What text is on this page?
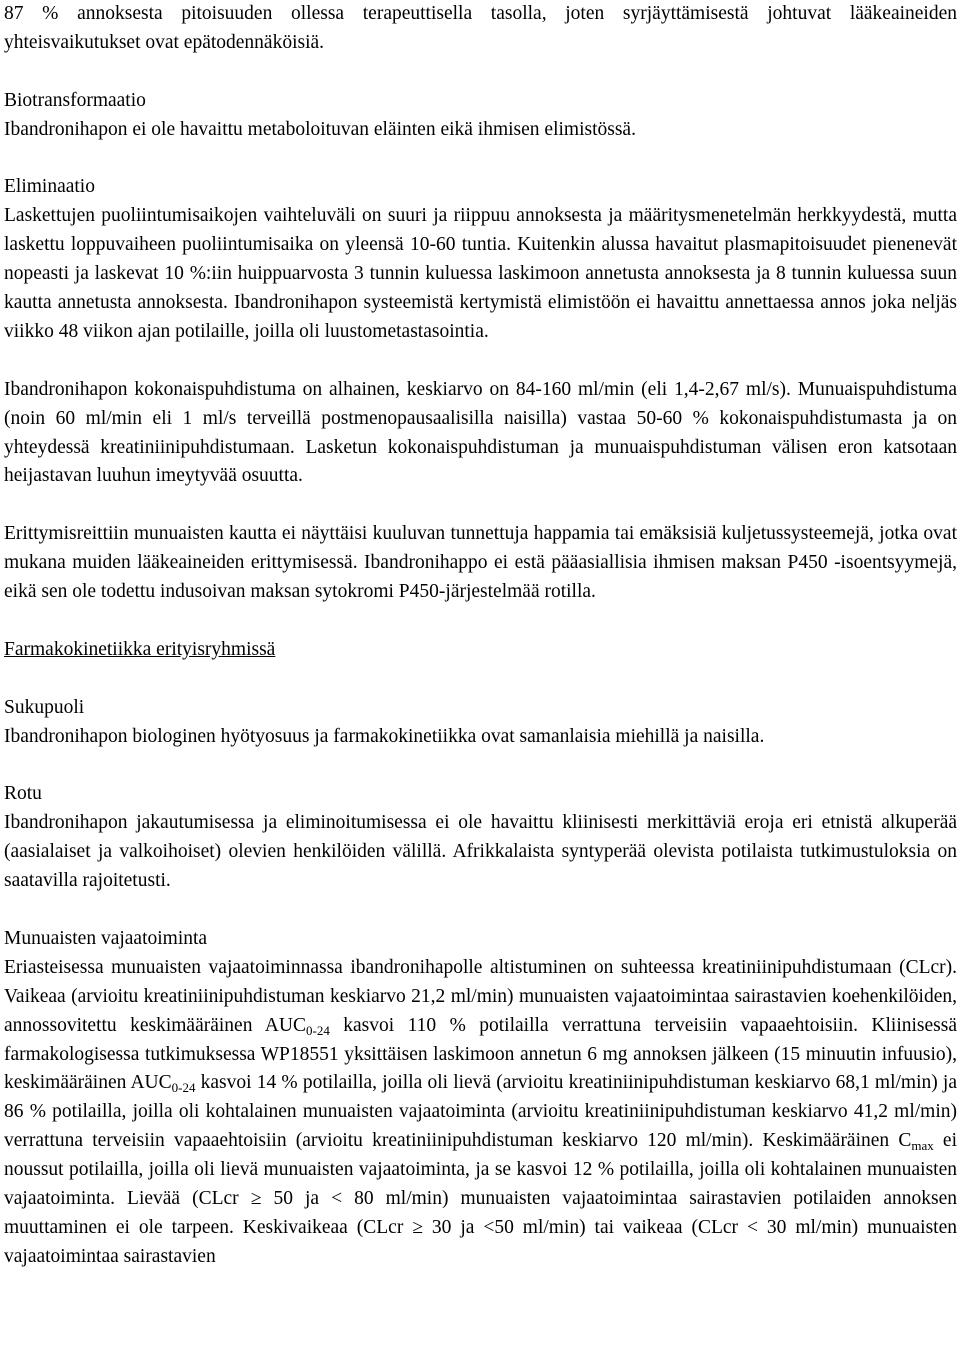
87 % annoksesta pitoisuuden ollessa terapeuttisella tasolla, joten syrjäyttämisestä johtuvat lääkeaineiden yhteisvaikutukset ovat epätodennäköisiä.

Biotransformaatio
Ibandronihapon ei ole havaittu metaboloituvan eläinten eikä ihmisen elimistössä.

Eliminaatio
Laskettujen puoliintumisaikojen vaihteluväli on suuri ja riippuu annoksesta ja määritysmenetelmän herkkyydestä, mutta laskettu loppuvaiheen puoliintumisaika on yleensä 10-60 tuntia. Kuitenkin alussa havaitut plasmapitoisuudet pienenevät nopeasti ja laskevat 10 %:iin huippuarvosta 3 tunnin kuluessa laskimoon annetusta annoksesta ja 8 tunnin kuluessa suun kautta annetusta annoksesta. Ibandronihapon systeemistä kertymistä elimistöön ei havaittu annettaessa annos joka neljäs viikko 48 viikon ajan potilaille, joilla oli luustometastasointia.

Ibandronihapon kokonaispuhdistuma on alhainen, keskiarvo on 84-160 ml/min (eli 1,4-2,67 ml/s). Munuaispuhdistuma (noin 60 ml/min eli 1 ml/s terveillä postmenopausaalisilla naisilla) vastaa 50-60 % kokonaispuhdistumasta ja on yhteydessä kreatiniinipuhdistumaan. Lasketun kokonaispuhdistuman ja munuaispuhdistuman välisen eron katsotaan heijastavan luuhun imeytyvää osuutta.

Erittymisreittiin munuaisten kautta ei näyttäisi kuuluvan tunnettuja happamia tai emäksisiä kuljetussysteemejä, jotka ovat mukana muiden lääkeaineiden erittymisessä. Ibandronihappo ei estä pääasiallisia ihmisen maksan P450 -isoentsyymejä, eikä sen ole todettu indusoivan maksan sytokromi P450-järjestelmää rotilla.

Farmakokinetiikka erityisryhmissä

Sukupuoli
Ibandronihapon biologinen hyötyosuus ja farmakokinetiikka ovat samanlaisia miehillä ja naisilla.

Rotu
Ibandronihapon jakautumisessa ja eliminoitumisessa ei ole havaittu kliinisesti merkittäviä eroja eri etnistä alkuperää (aasialaiset ja valkoihoiset) olevien henkilöiden välillä. Afrikkalaista syntyperää olevista potilaista tutkimustuloksia on saatavilla rajoitetusti.

Munuaisten vajaatoiminta
Eriasteisessa munuaisten vajaatoiminnassa ibandronihapolle altistuminen on suhteessa kreatiniinipuhdistumaan (CLcr). Vaikeaa (arvioitu kreatiniinipuhdistuman keskiarvo 21,2 ml/min) munuaisten vajaatoimintaa sairastavien koehenkilöiden, annossovitettu keskimääräinen $AUC_{0-24}$ kasvoi 110 % potilailla verrattuna terveisiin vapaaehtoisiin. Kliinisessä farmakologisessa tutkimuksessa WP18551 yksittäisen laskimoon annetun 6 mg annoksen jälkeen (15 minuutin infuusio), keskimääräinen $AUC_{0-24}$ kasvoi 14 % potilailla, joilla oli lievä (arvioitu kreatiniinipuhdistuman keskiarvo 68,1 ml/min) ja 86 % potilailla, joilla oli kohtalainen munuaisten vajaatoiminta (arvioitu kreatiniinipuhdistuman keskiarvo 41,2 ml/min) verrattuna terveisiin vapaaehtoisiin (arvioitu kreatiniinipuhdistuman keskiarvo 120 ml/min). Keskimääräinen $C_{max}$ ei noussut potilailla, joilla oli lievä munuaisten vajaatoiminta, ja se kasvoi 12 % potilailla, joilla oli kohtalainen munuaisten vajaatoiminta. Lievää (CLcr ≥ 50 ja < 80 ml/min) munuaisten vajaatoimintaa sairastavien potilaiden annoksen muuttaminen ei ole tarpeen. Keskivaikeaa (CLcr ≥ 30 ja <50 ml/min) tai vaikeaa (CLcr < 30 ml/min) munuaisten vajaatoimintaa sairastavien
